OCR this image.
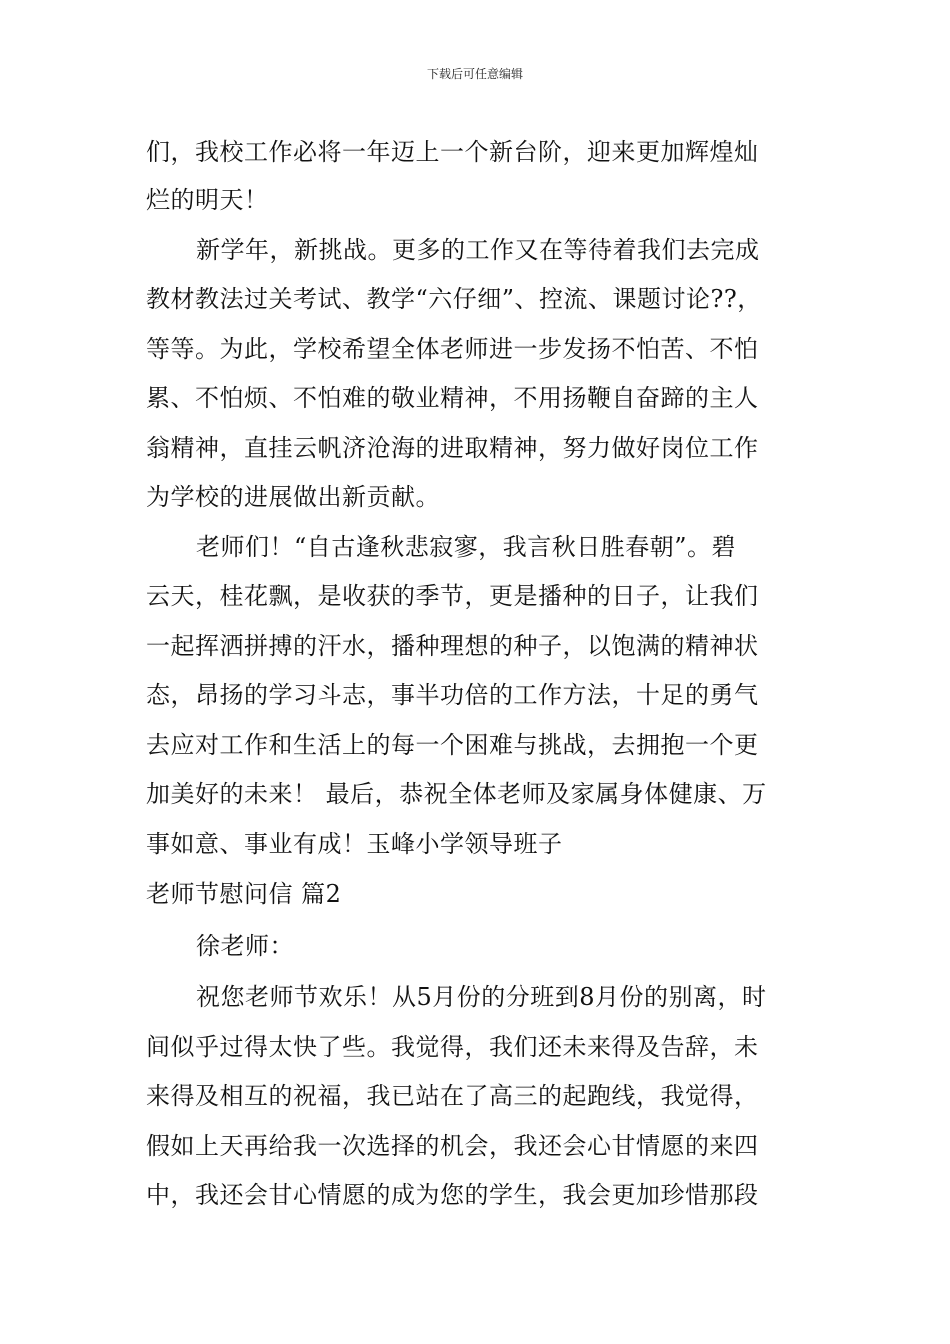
下载后可任意编辑
们，我校工作必将一年迈上一个新台阶，迎来更加辉煌灿
烂的明天！
新学年，新挑战。更多的工作又在等待着我们去完成
教材教法过关考试、教学“六仔细”、控流、课题讨论??，
等等。为此，学校希望全体老师进一步发扬不怕苦、不怕
累、不怕烦、不怕难的敬业精神，不用扬鞭自奋蹄的主人
翁精神，直挂云帆济沧海的进取精神，努力做好岗位工作
为学校的进展做出新贡献。
老师们！“自古逢秋悲寂寥，我言秋日胜春朝”。碧
云天，桂花飘，是收获的季节，更是播种的日子，让我们
一起挥洒拼搏的汗水，播种理想的种子，以饱满的精神状
态，昂扬的学习斗志，事半功倍的工作方法，十足的勇气
去应对工作和生活上的每一个困难与挑战，去拥抱一个更
加美好的未来！ 最后，恭祝全体老师及家属身体健康、万
事如意、事业有成！玉峰小学领导班子
老师节慰问信 篇2
徐老师：
祝您老师节欢乐！从5月份的分班到8月份的别离，时
间似乎过得太快了些。我觉得，我们还未来得及告辞，未
来得及相互的祝福，我已站在了高三的起跑线，我觉得，
假如上天再给我一次选择的机会，我还会心甘情愿的来四
中，我还会甘心情愿的成为您的学生，我会更加珍惜那段
